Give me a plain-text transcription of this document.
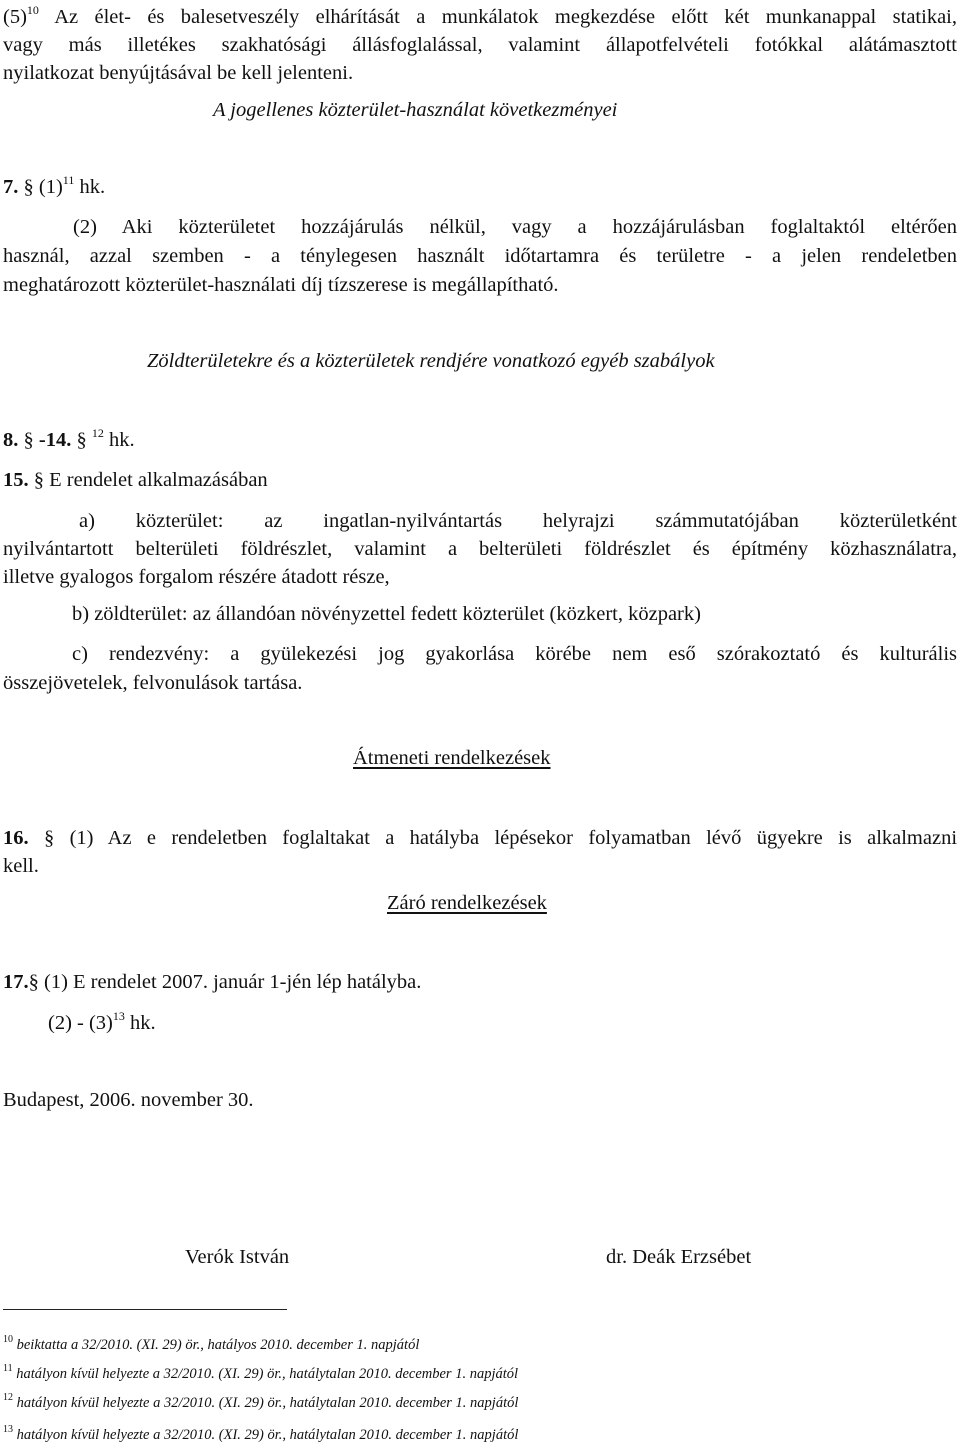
$(5)^{10}$ Az élet- és balesetveszély elhárítását a munkálatok megkezdése előtt két munkanappal statikai,
vagy más illetékes szakhatósági állásfoglalással, valamint állapotfelvételi fotókkal alátámasztott
nyilatkozat benyújtásával be kell jelenteni.
A jogellenes közterület-használat következményei
7. § $(1)^{11}$ hk.
(2) Aki közterületet hozzájárulás nélkül, vagy a hozzájárulásban foglaltaktól eltérően
használ, azzal szemben - a ténylegesen használt időtartamra és területre - a jelen rendeletben
meghatározott közterület-használati díj tízszerese is megállapítható.
Zöldterületekre és a közterületek rendjére vonatkozó egyéb szabályok
8. § -14. § $^{12}$ hk.
15. § E rendelet alkalmazásában
a) közterület: az ingatlan-nyilvántartás helyrajzi számmutatójában közterületként
nyilvántartott belterületi földrészlet, valamint a belterületi földrészlet és építmény közhasználatra,
illetve gyalogos forgalom részére átadott része,
b) zöldterület: az állandóan növényzettel fedett közterület (közkert, közpark)
c) rendezvény: a gyülekezési jog gyakorlása körébe nem eső szórakoztató és kulturális
összejövetelek, felvonulások tartása.
Átmeneti rendelkezések
16. § (1) Az e rendeletben foglaltakat a hatályba lépésekor folyamatban lévő ügyekre is alkalmazni
kell.
Záró rendelkezések
17.§ (1) E rendelet 2007. január 1-jén lép hatályba.
$(2) - (3)^{13}$ hk.
Budapest, 2006. november 30.
Verók István	dr. Deák Erzsébet
$^{10}$ beiktatta a 32/2010. (XI. 29) ör., hatályos 2010. december 1. napjától
$^{11}$ hatályon kívül helyezte a 32/2010. (XI. 29) ör., hatálytalan 2010. december 1. napjától
$^{12}$ hatályon kívül helyezte a 32/2010. (XI. 29) ör., hatálytalan 2010. december 1. napjától
$^{13}$ hatályon kívül helyezte a 32/2010. (XI. 29) ör., hatálytalan 2010. december 1. napjától
